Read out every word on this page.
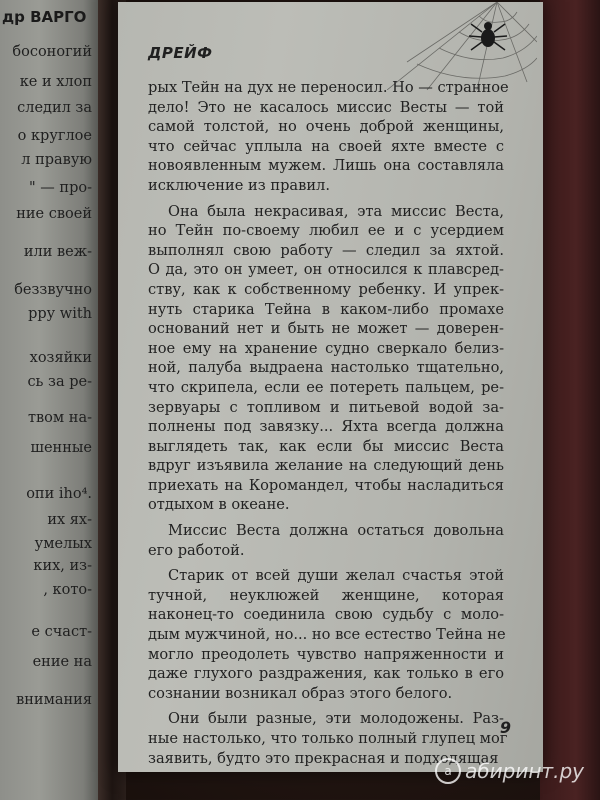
др ВАРГО
босоногий
ке и хлоп
следил за
о круглое
л правую
" — про-
ние своей
или веж-
беззвучно
рру with
хозяйки
сь за ре-
твом на-
шенные
опи iho⁴.
их ях-
умелых
ких, из-
, кото-
е счаст-
ение на
внимания
ДРЕЙФ
рых Тейн на дух не переносил. Но — странное
дело! Это не касалось миссис Весты — той
самой толстой, но очень доброй женщины,
что сейчас уплыла на своей яхте вместе с
новоявленным мужем. Лишь она составляла
исключение из правил.
Она была некрасивая, эта миссис Веста,
но Тейн по-своему любил ее и с усердием
выполнял свою работу — следил за яхтой.
О да, это он умеет, он относился к плавсред-
ству, как к собственному ребенку. И упрек-
нуть старика Тейна в каком-либо промахе
оснований нет и быть не может — доверен-
ное ему на хранение судно сверкало белиз-
ной, палуба выдраена настолько тщательно,
что скрипела, если ее потереть пальцем, ре-
зервуары с топливом и питьевой водой за-
полнены под завязку... Яхта всегда должна
выглядеть так, как если бы миссис Веста
вдруг изъявила желание на следующий день
приехать на Коромандел, чтобы насладиться
отдыхом в океане.
Миссис Веста должна остаться довольна
его работой.
Старик от всей души желал счастья этой
тучной, неуклюжей женщине, которая
наконец-то соединила свою судьбу с моло-
дым мужчиной, но... но все естество Тейна не
могло преодолеть чувство напряженности и
даже глухого раздражения, как только в его
сознании возникал образ этого белого.
Они были разные, эти молодожены. Раз-
ные настолько, что только полный глупец мог
заявить, будто это прекрасная и подходящая
9
a абиринт.ру
